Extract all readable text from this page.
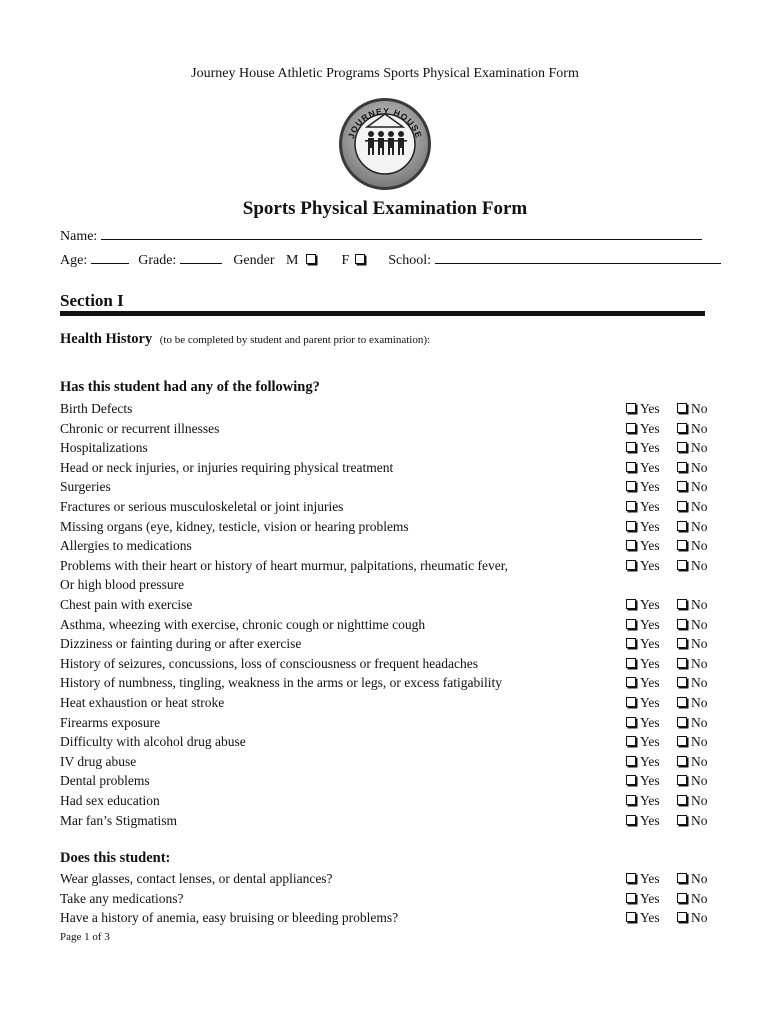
Journey House Athletic Programs Sports Physical Examination Form
JOURNEY HOUSE
Sports Physical Examination Form
Name:
Age:	Grade:	Gender M	F	School:
Section I
Health History (to be completed by student and parent prior to examination):
Has this student had any of the following?
Birth Defects	Yes	No
Chronic or recurrent illnesses	Yes	No
Hospitalizations	Yes	No
Head or neck injuries, or injuries requiring physical treatment	Yes	No
Surgeries	Yes	No
Fractures or serious musculoskeletal or joint injuries	Yes	No
Missing organs (eye, kidney, testicle, vision or hearing problems	Yes	No
Allergies to medications	Yes	No
Problems with their heart or history of heart murmur, palpitations, rheumatic fever,	Yes	No
Or high blood pressure
Chest pain with exercise	Yes	No
Asthma, wheezing with exercise, chronic cough or nighttime cough	Yes	No
Dizziness or fainting during or after exercise	Yes	No
History of seizures, concussions, loss of consciousness or frequent headaches	Yes	No
History of numbness, tingling, weakness in the arms or legs, or excess fatigability	Yes	No
Heat exhaustion or heat stroke	Yes	No
Firearms exposure	Yes	No
Difficulty with alcohol drug abuse	Yes	No
IV drug abuse	Yes	No
Dental problems	Yes	No
Had sex education	Yes	No
Mar fan’s Stigmatism	Yes	No
Does this student:
Wear glasses, contact lenses, or dental appliances?	Yes	No
Take any medications?	Yes	No
Have a history of anemia, easy bruising or bleeding problems?	Yes	No
Page 1 of 3
